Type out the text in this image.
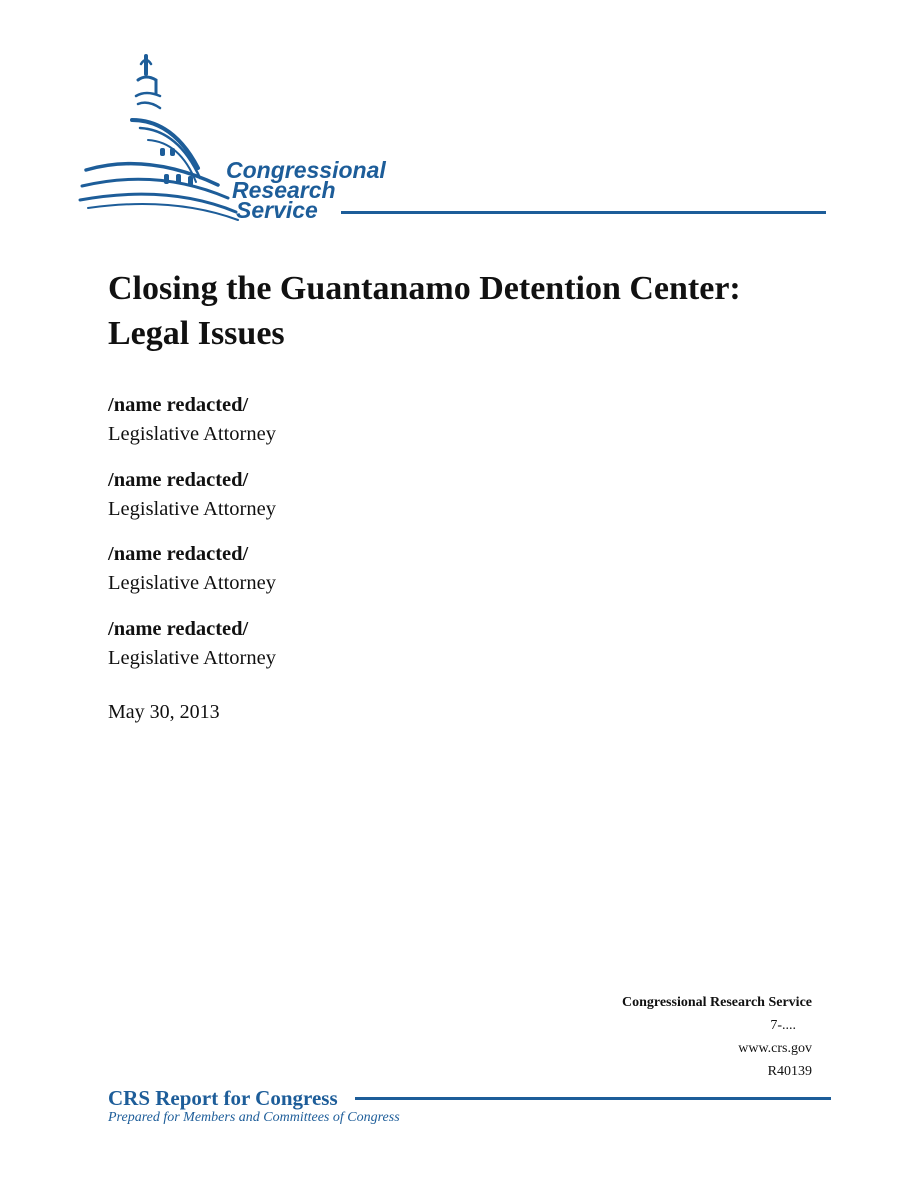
Congressional
Research
Service
Closing the Guantanamo Detention Center:
Legal Issues
/name redacted/
Legislative Attorney
/name redacted/
Legislative Attorney
/name redacted/
Legislative Attorney
/name redacted/
Legislative Attorney
May 30, 2013
Congressional Research Service
7-....
www.crs.gov
R40139
CRS Report for Congress
Prepared for Members and Committees of Congress
